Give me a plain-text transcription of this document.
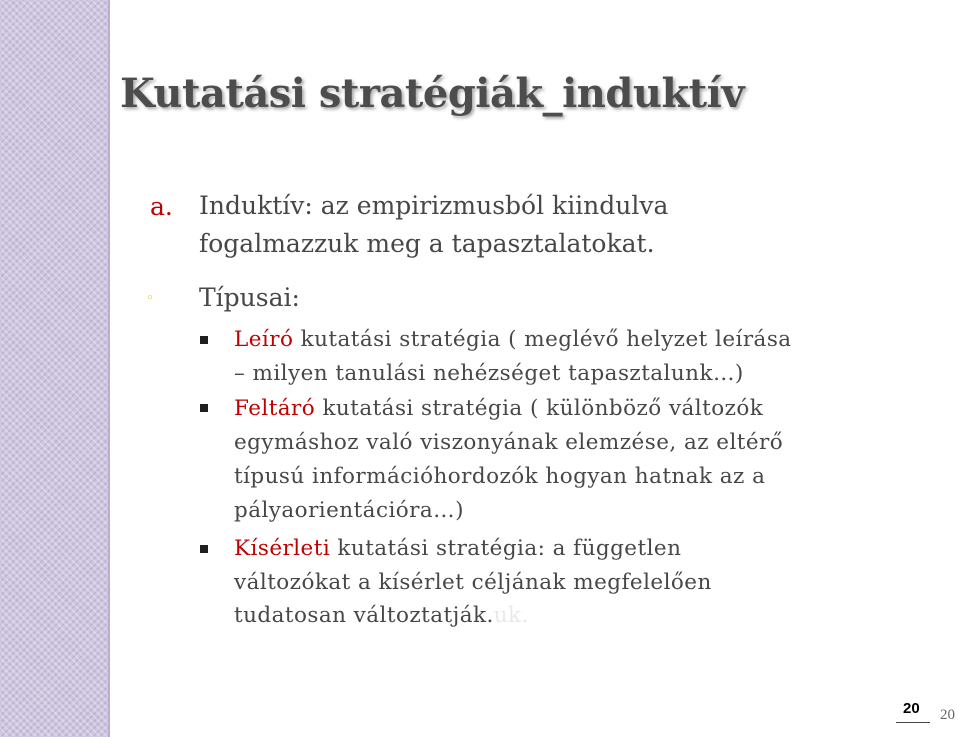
Kutatási stratégiák_induktív
a. Induktív: az empirizmusból kiindulva
fogalmazzuk meg a tapasztalatokat.
◦ Típusai:
Leíró kutatási stratégia ( meglévő helyzet leírása
– milyen tanulási nehézséget tapasztalunk…)
Feltáró kutatási stratégia ( különböző változók
egymáshoz való viszonyának elemzése, az eltérő
típusú információhordozók hogyan hatnak az a
pályaorientációra…)
Kísérleti kutatási stratégia: a független
változókat a kísérlet céljának megfelelően
tudatosan változtatják.uk.
20 20
